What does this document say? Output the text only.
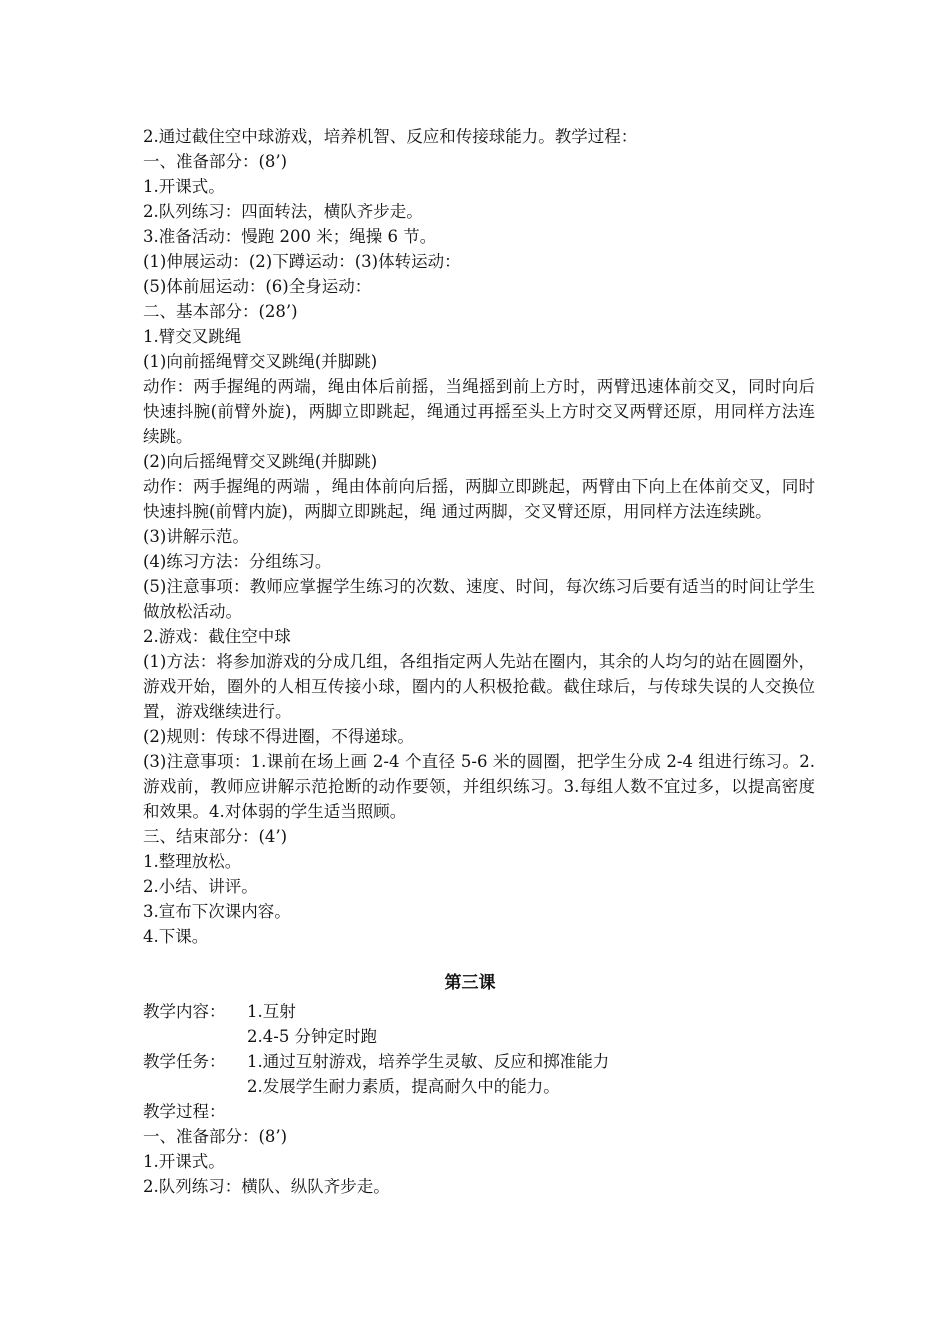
2.通过截住空中球游戏，培养机智、反应和传接球能力。教学过程：
一、准备部分：(8’)
1.开课式。
2.队列练习：四面转法，横队齐步走。
3.准备活动：慢跑 200 米；绳操 6 节。
(1)伸展运动：(2)下蹲运动：(3)体转运动：
(5)体前屈运动：(6)全身运动：
二、基本部分：(28’)
1.臂交叉跳绳
(1)向前摇绳臂交叉跳绳(并脚跳)
动作：两手握绳的两端，绳由体后前摇，当绳摇到前上方时，两臂迅速体前交叉，同时向后快速抖腕(前臂外旋)，两脚立即跳起，绳通过再摇至头上方时交叉两臂还原，用同样方法连续跳。
(2)向后摇绳臂交叉跳绳(并脚跳)
动作：两手握绳的两端 ，绳由体前向后摇，两脚立即跳起，两臂由下向上在体前交叉，同时快速抖腕(前臂内旋)，两脚立即跳起，绳 通过两脚，交叉臂还原，用同样方法连续跳。
(3)讲解示范。
(4)练习方法：分组练习。
(5)注意事项：教师应掌握学生练习的次数、速度、时间，每次练习后要有适当的时间让学生做放松活动。
2.游戏：截住空中球
(1)方法：将参加游戏的分成几组，各组指定两人先站在圈内，其余的人均匀的站在圆圈外，游戏开始，圈外的人相互传接小球，圈内的人积极抢截。截住球后，与传球失误的人交换位置，游戏继续进行。
(2)规则：传球不得进圈，不得递球。
(3)注意事项：1.课前在场上画 2-4 个直径 5-6 米的圆圈，把学生分成 2-4 组进行练习。2.游戏前，教师应讲解示范抢断的动作要领，并组织练习。3.每组人数不宜过多，以提高密度和效果。4.对体弱的学生适当照顾。
三、结束部分：(4’)
1.整理放松。
2.小结、讲评。
3.宣布下次课内容。
4.下课。
第三课
教学内容：	1.互射
2.4-5 分钟定时跑
教学任务：	1.通过互射游戏，培养学生灵敏、反应和掷准能力
2.发展学生耐力素质，提高耐久中的能力。
教学过程：
一、准备部分：(8’)
1.开课式。
2.队列练习：横队、纵队齐步走。
